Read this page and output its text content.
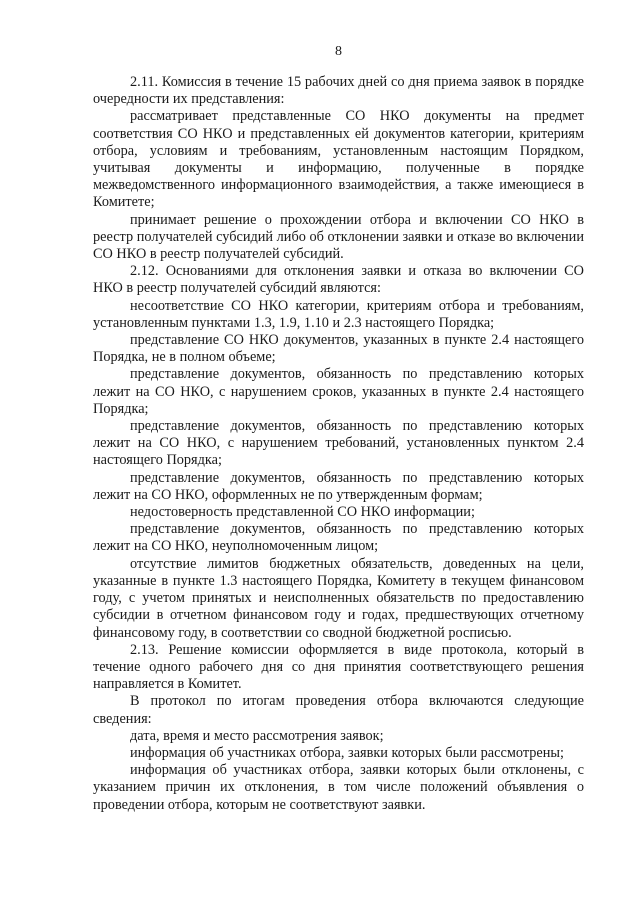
8

2.11. Комиссия в течение 15 рабочих дней со дня приема заявок в порядке очередности их представления:

рассматривает представленные СО НКО документы на предмет соответствия СО НКО и представленных ей документов категории, критериям отбора, условиям и требованиям, установленным настоящим Порядком, учитывая документы и информацию, полученные в порядке межведомственного информационного взаимодействия, а также имеющиеся в Комитете;

принимает решение о прохождении отбора и включении СО НКО в реестр получателей субсидий либо об отклонении заявки и отказе во включении СО НКО в реестр получателей субсидий.

2.12. Основаниями для отклонения заявки и отказа во включении СО НКО в реестр получателей субсидий являются:

несоответствие СО НКО категории, критериям отбора и требованиям, установленным пунктами 1.3, 1.9, 1.10 и 2.3 настоящего Порядка;

представление СО НКО документов, указанных в пункте 2.4 настоящего Порядка, не в полном объеме;

представление документов, обязанность по представлению которых лежит на СО НКО, с нарушением сроков, указанных в пункте 2.4 настоящего Порядка;

представление документов, обязанность по представлению которых лежит на СО НКО, с нарушением требований, установленных пунктом 2.4 настоящего Порядка;

представление документов, обязанность по представлению которых лежит на СО НКО, оформленных не по утвержденным формам;

недостоверность представленной СО НКО информации;

представление документов, обязанность по представлению которых лежит на СО НКО, неуполномоченным лицом;

отсутствие лимитов бюджетных обязательств, доведенных на цели, указанные в пункте 1.3 настоящего Порядка, Комитету в текущем финансовом году, с учетом принятых и неисполненных обязательств по предоставлению субсидии в отчетном финансовом году и годах, предшествующих отчетному финансовому году, в соответствии со сводной бюджетной росписью.

2.13. Решение комиссии оформляется в виде протокола, который в течение одного рабочего дня со дня принятия соответствующего решения направляется в Комитет.

В протокол по итогам проведения отбора включаются следующие сведения:

дата, время и место рассмотрения заявок;

информация об участниках отбора, заявки которых были рассмотрены;

информация об участниках отбора, заявки которых были отклонены, с указанием причин их отклонения, в том числе положений объявления о проведении отбора, которым не соответствуют заявки.
